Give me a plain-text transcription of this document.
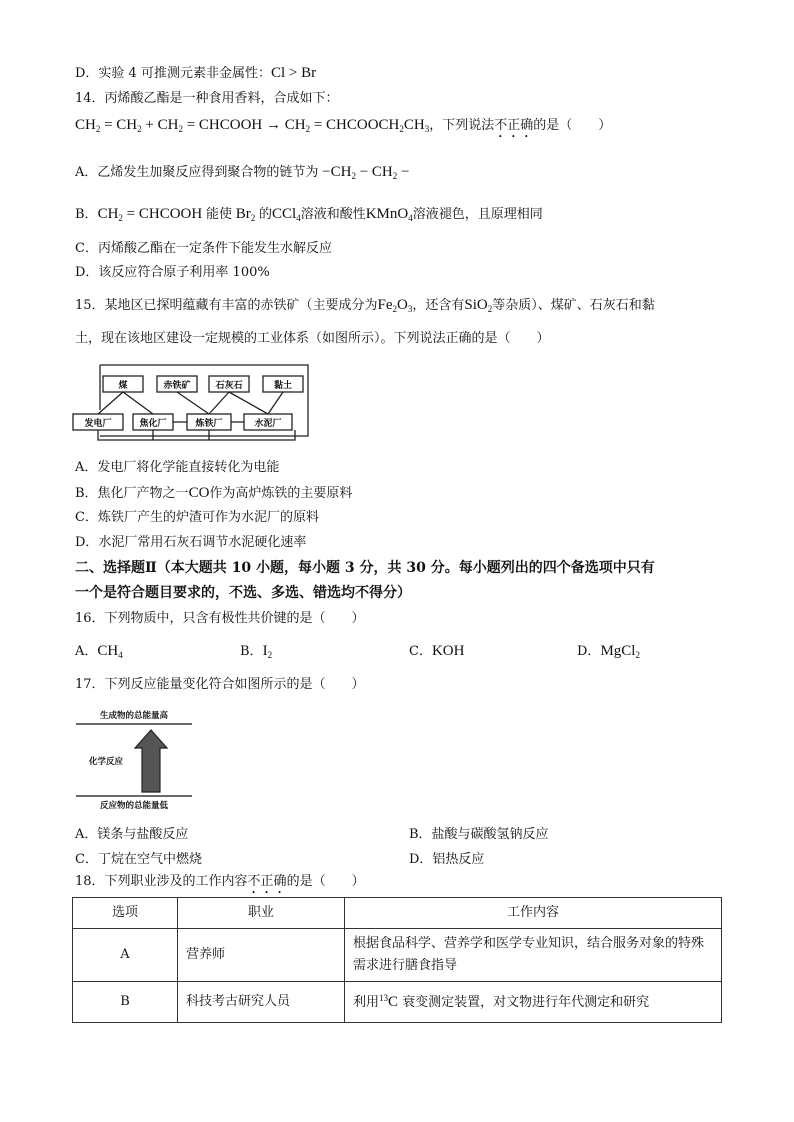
D．实验 4 可推测元素非金属性：Cl > Br
14．丙烯酸乙酯是一种食用香料，合成如下：
$CH_2 = CH_2 + CH_2$ = CHCOOH → $CH_2$ = $CHCOOCH_2CH_3$，下列说法不正确的是（　　）
A．乙烯发生加聚反应得到聚合物的链节为 $-CH_2 - CH_2$ −
B．$CH_2$ = CHCOOH 能使 $Br_2$ 的CCl$_4$溶液和酸性KMnO$_4$溶液褪色，且原理相同
C．丙烯酸乙酯在一定条件下能发生水解反应
D．该反应符合原子利用率 100%
15．某地区已探明蕴藏有丰富的赤铁矿（主要成分为$Fe_2O_3$，还含有SiO$_2$等杂质）、煤矿、石灰石和黏
土，现在该地区建设一定规模的工业体系（如图所示）。下列说法正确的是（　　）
煤	赤铁矿	石灰石	黏土
发电厂	焦化厂	炼铁厂	水泥厂
A．发电厂将化学能直接转化为电能
B．焦化厂产物之一CO作为高炉炼铁的主要原料
C．炼铁厂产生的炉渣可作为水泥厂的原料
D．水泥厂常用石灰石调节水泥硬化速率
二、选择题Ⅱ（本大题共 10 小题，每小题 3 分，共 30 分。每小题列出的四个备选项中只有
一个是符合题目要求的，不选、多选、错选均不得分）
16．下列物质中，只含有极性共价键的是（　　）
A．$CH_4$	B．$I_2$	C．KOH	D．MgCl$_2$
17．下列反应能量变化符合如图所示的是（　　）
生成物的总能量高
化学反应
反应物的总能量低
A．镁条与盐酸反应	B．盐酸与碳酸氢钠反应
C．丁烷在空气中燃烧	D．铝热反应
18．下列职业涉及的工作内容不正确的是（　　）
选项	职业	工作内容
A	营养师	根据食品科学、营养学和医学专业知识，结合服务对象的特殊需求进行膳食指导
B	科技考古研究人员	利用$^{13}$C 衰变测定装置，对文物进行年代测定和研究
